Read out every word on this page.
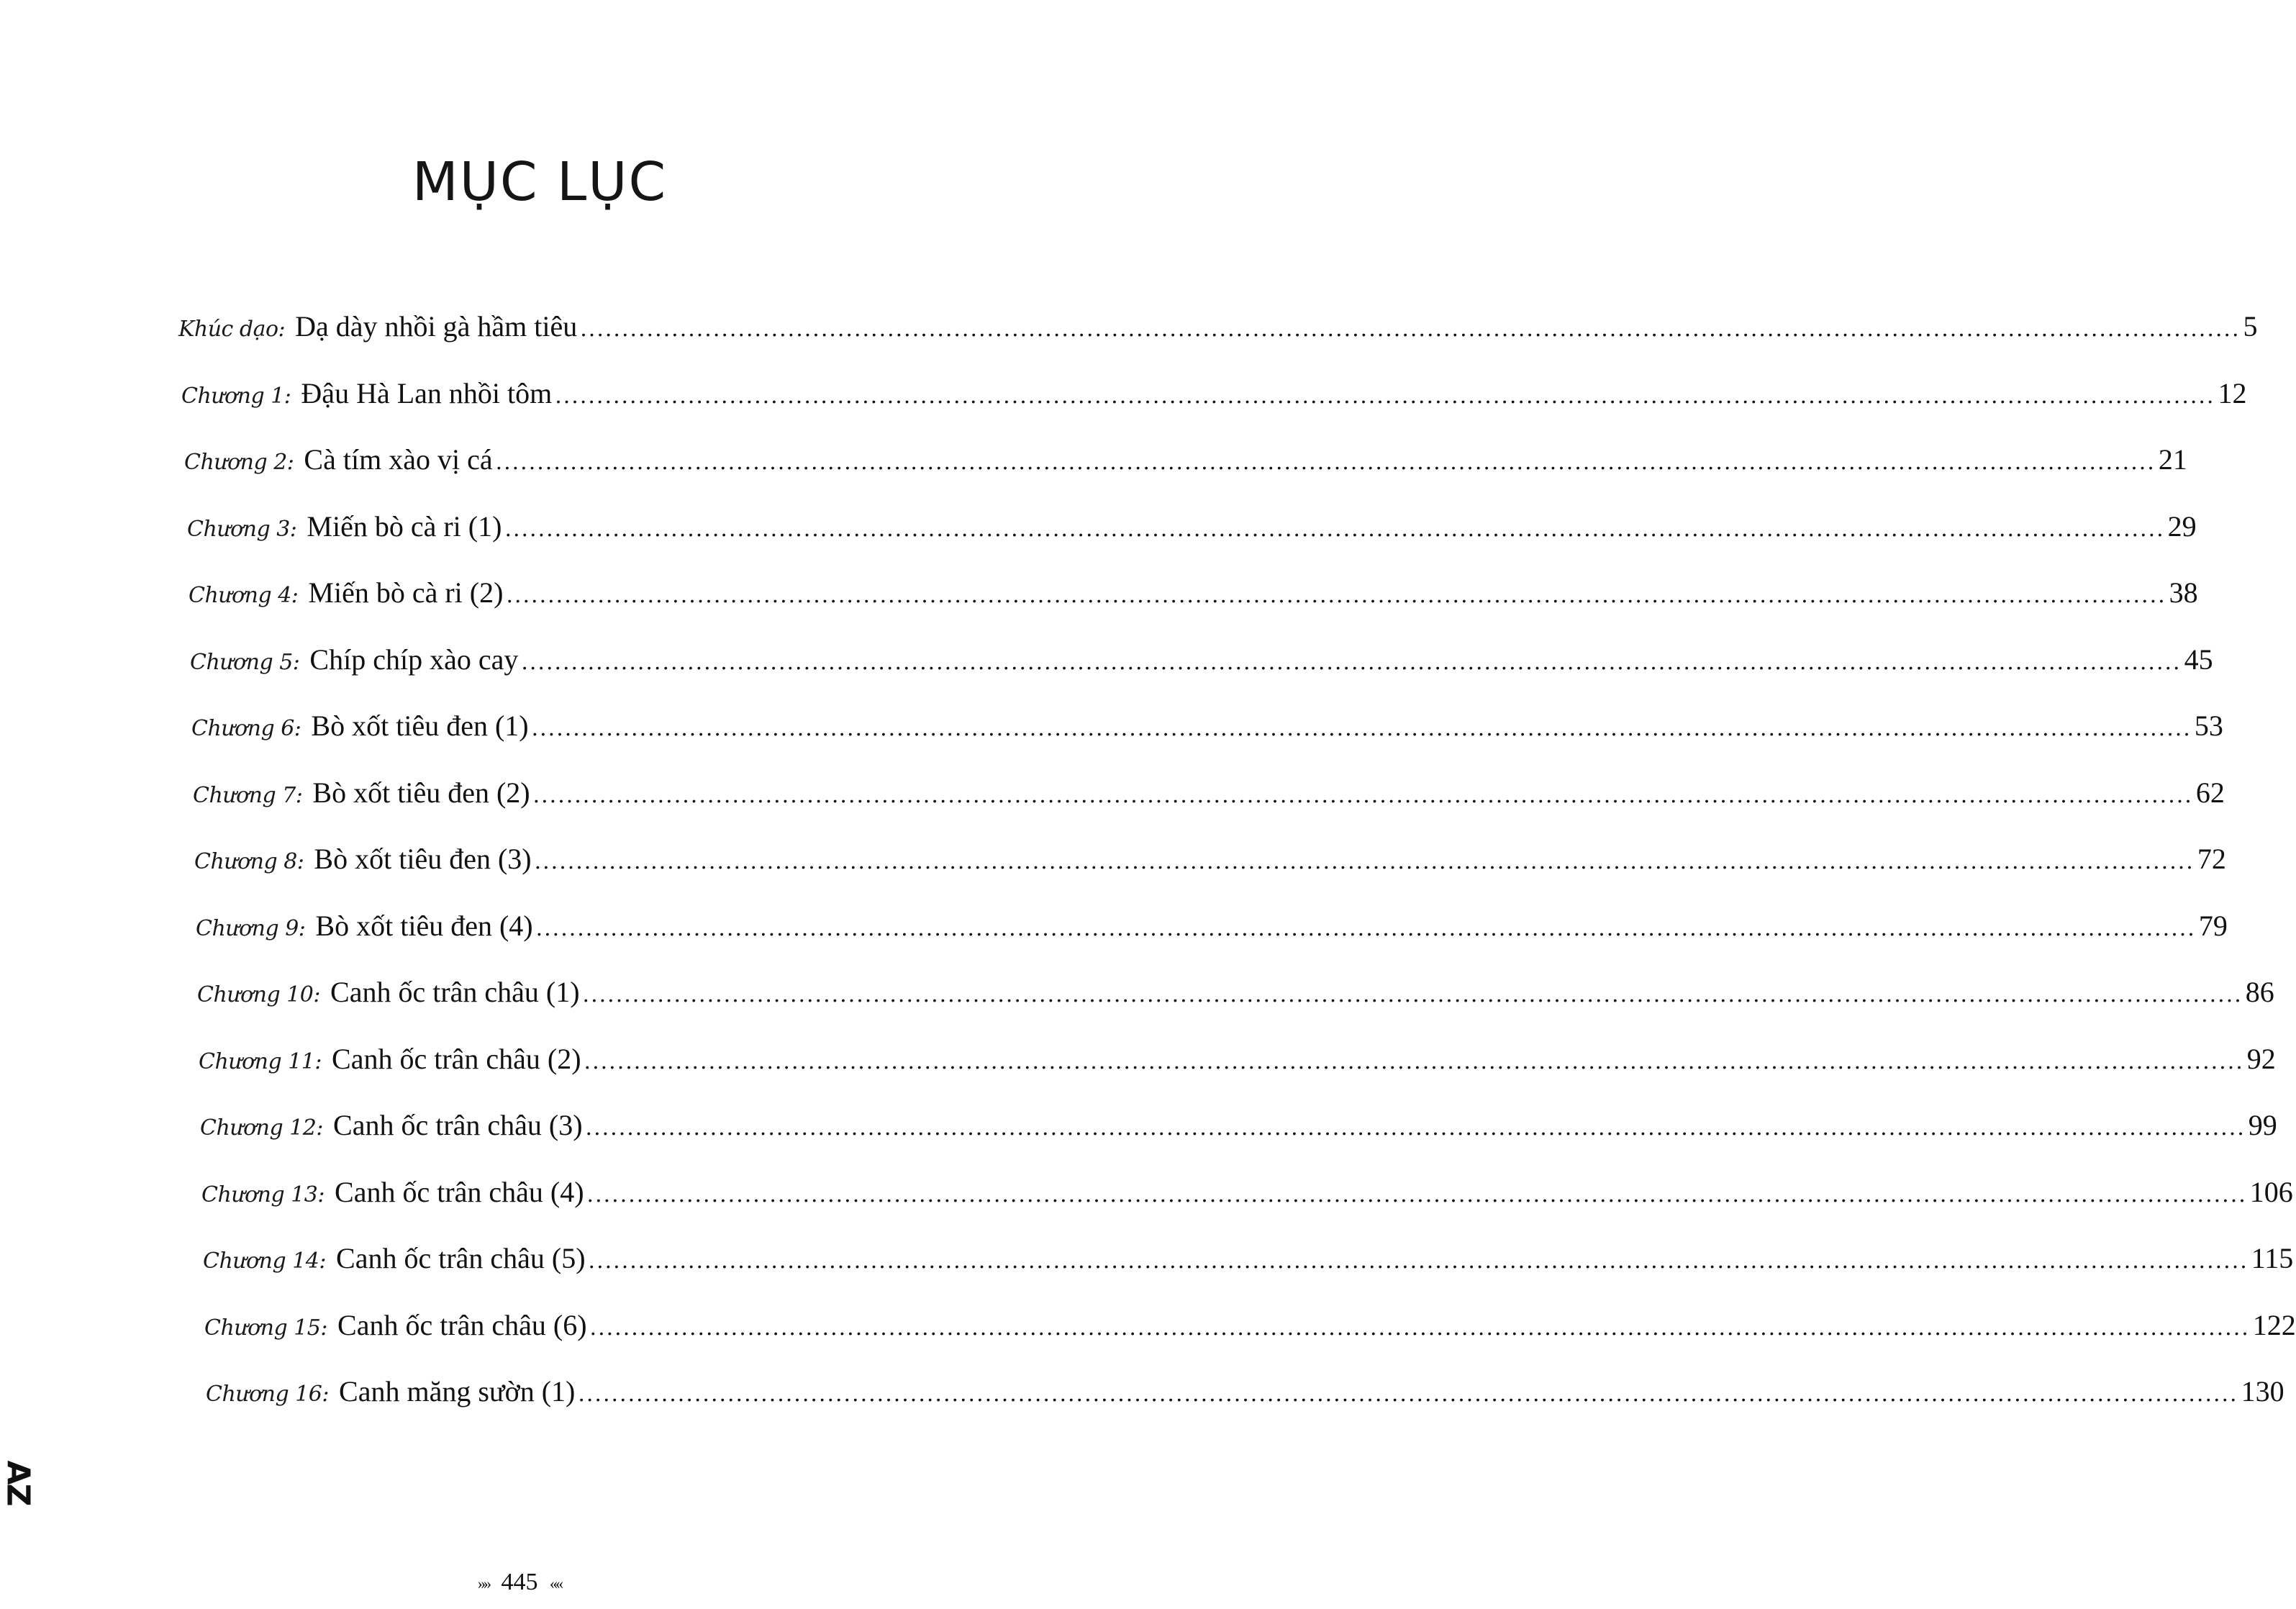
MỤC LỤC
Khúc dạo: Dạ dày nhồi gà hầm tiêu ........................................................................................................................................................................................................ 5
Chương 1: Đậu Hà Lan nhồi tôm ........................................................................................................................................................................................................ 12
Chương 2: Cà tím xào vị cá ........................................................................................................................................................................................................ 21
Chương 3: Miến bò cà ri (1) ........................................................................................................................................................................................................ 29
Chương 4: Miến bò cà ri (2) ........................................................................................................................................................................................................ 38
Chương 5: Chíp chíp xào cay ........................................................................................................................................................................................................ 45
Chương 6: Bò xốt tiêu đen (1) ........................................................................................................................................................................................................ 53
Chương 7: Bò xốt tiêu đen (2) ........................................................................................................................................................................................................ 62
Chương 8: Bò xốt tiêu đen (3) ........................................................................................................................................................................................................ 72
Chương 9: Bò xốt tiêu đen (4) ........................................................................................................................................................................................................ 79
Chương 10: Canh ốc trân châu (1) ........................................................................................................................................................................................................ 86
Chương 11: Canh ốc trân châu (2) ........................................................................................................................................................................................................ 92
Chương 12: Canh ốc trân châu (3) ........................................................................................................................................................................................................ 99
Chương 13: Canh ốc trân châu (4) ........................................................................................................................................................................................................ 106
Chương 14: Canh ốc trân châu (5) ........................................................................................................................................................................................................ 115
Chương 15: Canh ốc trân châu (6) ........................................................................................................................................................................................................ 122
Chương 16: Canh măng sườn (1) ........................................................................................................................................................................................................ 130
AZ
»» 445 ««
